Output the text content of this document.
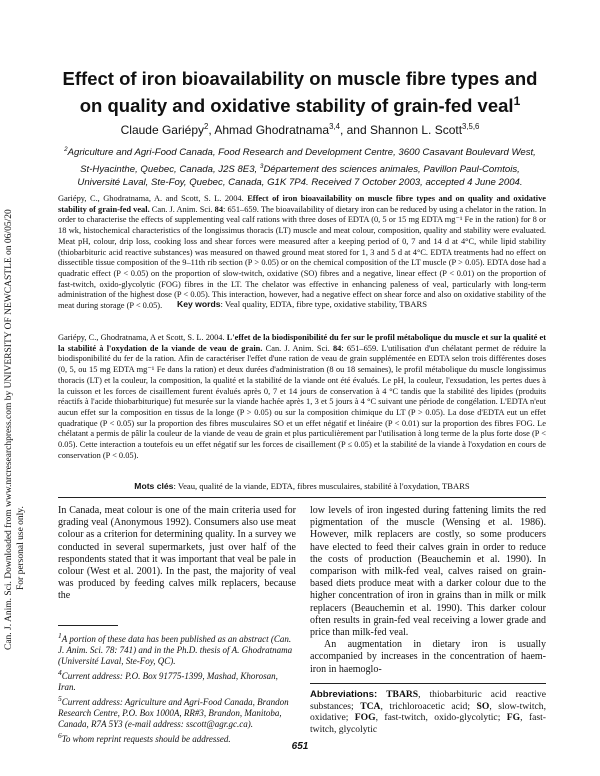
Can. J. Anim. Sci. Downloaded from www.nrcresearchpress.com by UNIVERSITY OF NEWCASTLE on 06/05/20 For personal use only.
Effect of iron bioavailability on muscle fibre types and on quality and oxidative stability of grain-fed veal$^1$
Claude Gariépy$^2$, Ahmad Ghodratnama$^{3,4}$, and Shannon L. Scott$^{3,5,6}$
$^2$Agriculture and Agri-Food Canada, Food Research and Development Centre, 3600 Casavant Boulevard West, St-Hyacinthe, Quebec, Canada, J2S 8E3, $^3$Département des sciences animales, Pavillon Paul-Comtois, Université Laval, Ste-Foy, Quebec, Canada, G1K 7P4. Received 7 October 2003, accepted 4 June 2004.
Gariépy, C., Ghodratnama, A. and Scott, S. L. 2004. Effect of iron bioavailability on muscle fibre types and on quality and oxidative stability of grain-fed veal. Can. J. Anim. Sci. 84: 651–659. The bioavailability of dietary iron can be reduced by using a chelator in the ration. In order to characterise the effects of supplementing veal calf rations with three doses of EDTA (0, 5 or 15 mg EDTA mg⁻¹ Fe in the ration) for 8 or 18 wk, histochemical characteristics of the longissimus thoracis (LT) muscle and meat colour, composition, quality and stability were evaluated. Meat pH, colour, drip loss, cooking loss and shear forces were measured after a keeping period of 0, 7 and 14 d at 4°C, while lipid stability (thiobarbituric acid reactive substances) was measured on thawed ground meat stored for 1, 3 and 5 d at 4°C. EDTA treatments had no effect on dissectible tissue composition of the 9–11th rib section (P > 0.05) or on the chemical composition of the LT muscle (P > 0.05). EDTA dose had a quadratic effect (P < 0.05) on the proportion of slow-twitch, oxidative (SO) fibres and a negative, linear effect (P < 0.01) on the proportion of fast-twitch, oxido-glycolytic (FOG) fibres in the LT. The chelator was effective in enhancing paleness of veal, particularly with long-term administration of the highest dose (P < 0.05). This interaction, however, had a negative effect on shear force and also on oxidative stability of the meat during storage (P < 0.05).	Key words: Veal quality, EDTA, fibre type, oxidative stability, TBARS
Gariépy, C., Ghodratnama, A et Scott, S. L. 2004. L'effet de la biodisponibilité du fer sur le profil métabolique du muscle et sur la qualité et la stabilité à l'oxydation de la viande de veau de grain. Can. J. Anim. Sci. 84: 651–659. L'utilisation d'un chélatant permet de réduire la biodisponibilité du fer de la ration. Afin de caractériser l'effet d'une ration de veau de grain supplémentée en EDTA selon trois différentes doses (0, 5, ou 15 mg EDTA mg⁻¹ Fe dans la ration) et deux durées d'administration (8 ou 18 semaines), le profil métabolique du muscle longissimus thoracis (LT) et la couleur, la composition, la qualité et la stabilité de la viande ont été évalués. Le pH, la couleur, l'exsudation, les pertes dues à la cuisson et les forces de cisaillement furent évalués après 0, 7 et 14 jours de conservation à 4 °C tandis que la stabilité des lipides (produits réactifs à l'acide thiobarbiturique) fut mesurée sur la viande hachée après 1, 3 et 5 jours à 4 °C suivant une période de congélation. L'EDTA n'eut aucun effet sur la composition en tissus de la longe (P > 0.05) ou sur la composition chimique du LT (P > 0.05). La dose d'EDTA eut un effet quadratique (P < 0.05) sur la proportion des fibres musculaires SO et un effet négatif et linéaire (P < 0.01) sur la proportion des fibres FOG. Le chélatant a permis de pâlir la couleur de la viande de veau de grain et plus particulièrement par l'utilisation à long terme de la plus forte dose (P < 0.05). Cette interaction a toutefois eu un effet négatif sur les forces de cisaillement (P ≤ 0.05) et la stabilité de la viande à l'oxydation en cours de conservation (P < 0.05).
Mots clés: Veau, qualité de la viande, EDTA, fibres musculaires, stabilité à l'oxydation, TBARS

In Canada, meat colour is one of the main criteria used for grading veal (Anonymous 1992). Consumers also use meat colour as a criterion for determining quality. In a survey we conducted in several supermarkets, just over half of the respondents stated that it was important that veal be pale in colour (West et al. 2001). In the past, the majority of veal was produced by feeding calves milk replacers, because the

$^1$A portion of these data has been published as an abstract (Can. J. Anim. Sci. 78: 741) and in the Ph.D. thesis of A. Ghodratnama (Université Laval, Ste-Foy, QC).

$^4$Current address: P.O. Box 91775-1399, Mashad, Khorosan, Iran.

$^5$Current address: Agriculture and Agri-Food Canada, Brandon Research Centre, P.O. Box 1000A, RR#3, Brandon, Manitoba, Canada, R7A 5Y3 (e-mail address: sscott@agr.gc.ca).

$^6$To whom reprint requests should be addressed.

low levels of iron ingested during fattening limits the red pigmentation of the muscle (Wensing et al. 1986). However, milk replacers are costly, so some producers have elected to feed their calves grain in order to reduce the costs of production (Beauchemin et al. 1990). In comparison with milk-fed veal, calves raised on grain-based diets produce meat with a darker colour due to the higher concentration of iron in grains than in milk or milk replacers (Beauchemin et al. 1990). This darker colour often results in grain-fed veal receiving a lower grade and price than milk-fed veal.

An augmentation in dietary iron is usually accompanied by increases in the concentration of haem-iron in haemoglo-

Abbreviations: TBARS, thiobarbituric acid reactive substances; TCA, trichloroacetic acid; SO, slow-twitch, oxidative; FOG, fast-twitch, oxido-glycolytic; FG, fast-twitch, glycolytic
651
